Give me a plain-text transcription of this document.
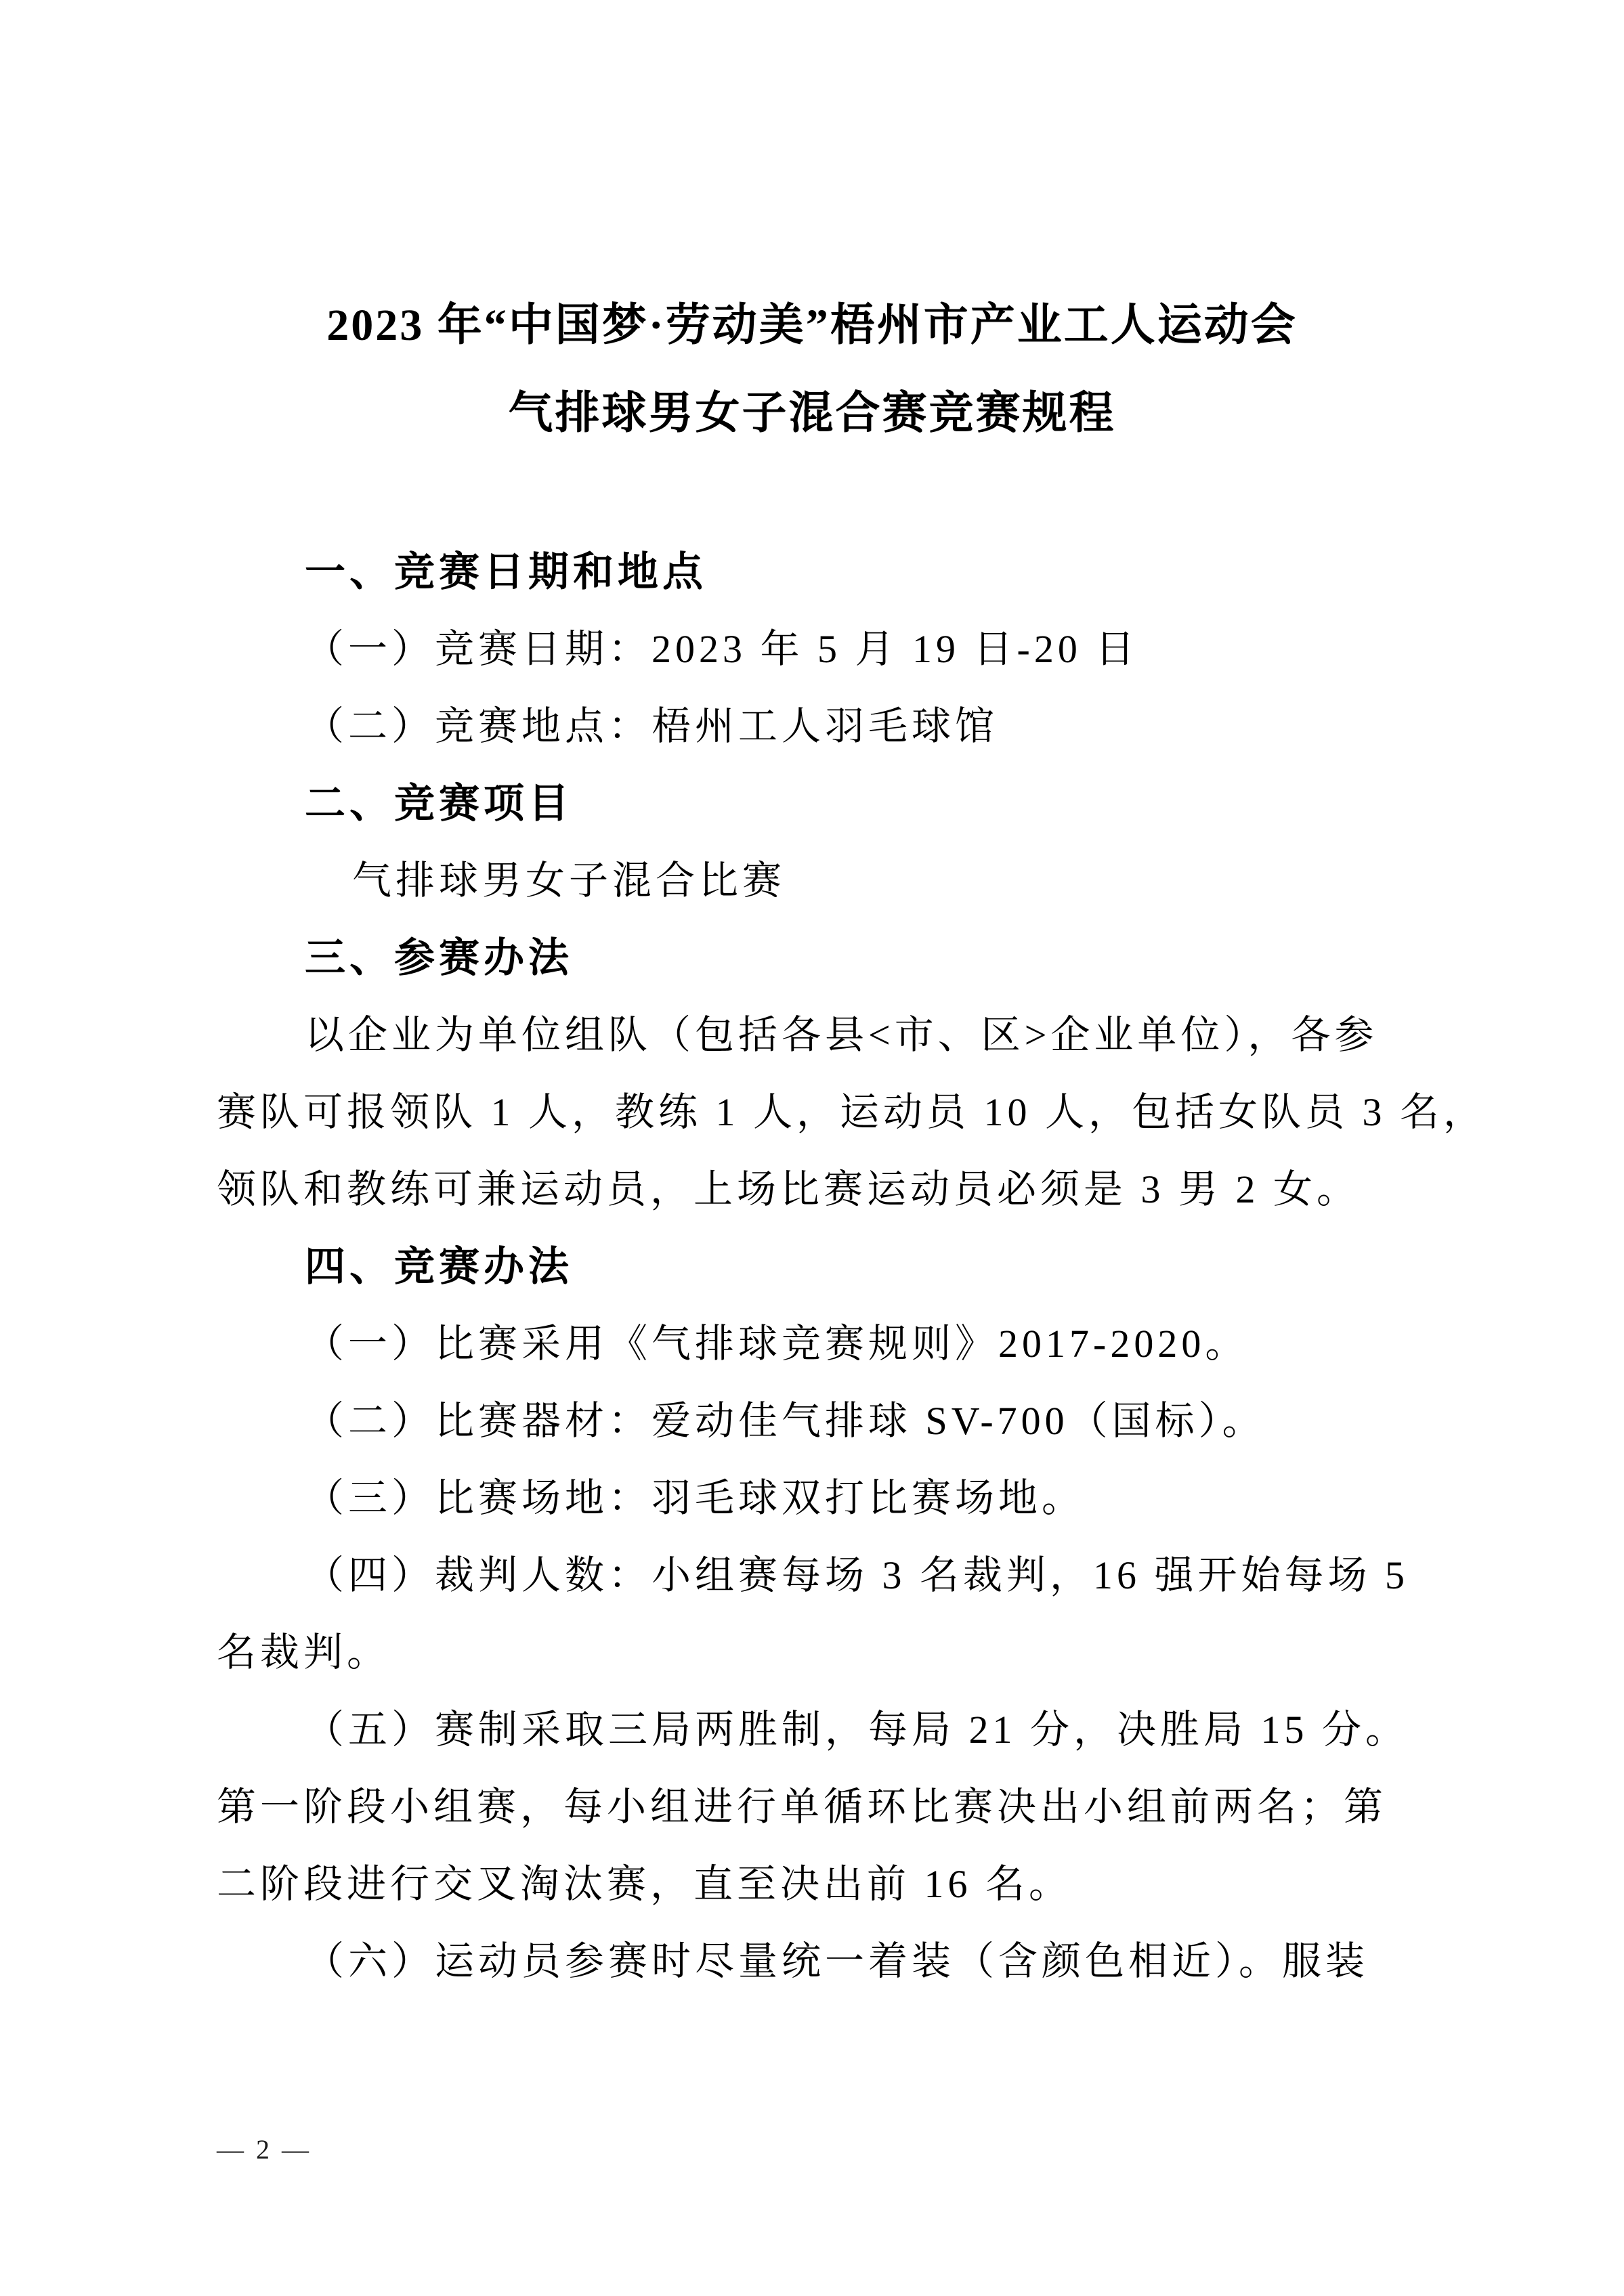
2023 年“中国梦·劳动美”梧州市产业工人运动会
气排球男女子混合赛竞赛规程
一、竞赛日期和地点
（一）竞赛日期：2023 年 5 月 19 日-20 日
（二）竞赛地点：梧州工人羽毛球馆
二、竞赛项目
气排球男女子混合比赛
三、参赛办法
以企业为单位组队（包括各县<市、区>企业单位），各参
赛队可报领队 1 人，教练 1 人，运动员 10 人，包括女队员 3 名，
领队和教练可兼运动员，上场比赛运动员必须是 3 男 2 女。
四、竞赛办法
（一）比赛采用《气排球竞赛规则》2017-2020。
（二）比赛器材：爱动佳气排球 SV-700（国标）。
（三）比赛场地：羽毛球双打比赛场地。
（四）裁判人数：小组赛每场 3 名裁判，16 强开始每场 5
名裁判。
（五）赛制采取三局两胜制，每局 21 分，决胜局 15 分。
第一阶段小组赛，每小组进行单循环比赛决出小组前两名；第
二阶段进行交叉淘汰赛，直至决出前 16 名。
（六）运动员参赛时尽量统一着装（含颜色相近）。服装
— 2 —
